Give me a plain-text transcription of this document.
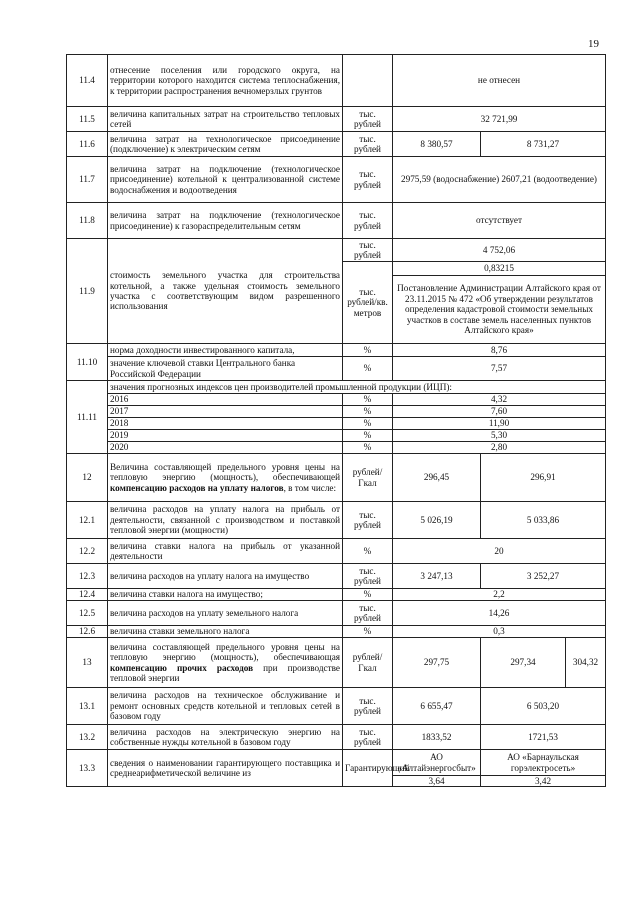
19
11.4	отнесение поселения или городского округа, на территории которого находится система теплоснабжения, к территории распространения вечномерзлых грунтов		не отнесен		
11.5	величина капитальных затрат на строительство тепловых сетей	тыс. рублей	32 721,99		
11.6	величина затрат на технологическое присоединение (подключение) к электрическим сетям	тыс. рублей	8 380,57	8 731,27	
11.7	величина затрат на подключение (технологическое присоединение) котельной к централизованной системе водоснабжения и водоотведения	тыс. рублей	2975,59 (водоснабжение) 2607,21 (водоотведение)		
11.8	величина затрат на подключение (технологическое присоединение) к газораспределительным сетям	тыс. рублей	отсутствует		
11.9	стоимость земельного участка для строительства котельной, а также удельная стоимость земельного участка с соответствующим видом разрешенного использования	тыс. рублей	4 752,06		
		тыс. рублей/кв. метров	0,83215		
			Постановление Администрации Алтайского края от 23.11.2015 № 472 «Об утверждении результатов определения кадастровой стоимости земельных участков в составе земель населенных пунктов Алтайского края»		
11.10	норма доходности инвестированного капитала,	%	8,76		
	значение ключевой ставки Центрального банка Российской Федерации	%	7,57		
11.11	значения прогнозных индексов цен производителей промышленной продукции (ИЦП):				
	2016	%	4,32		
	2017	%	7,60		
	2018	%	11,90		
	2019	%	5,30		
	2020	%	2,80		
12	Величина составляющей предельного уровня цены на тепловую энергию (мощность), обеспечивающей компенсацию расходов на уплату налогов, в том числе:	рублей/Гкал	296,45	296,91	
12.1	величина расходов на уплату налога на прибыль от деятельности, связанной с производством и поставкой тепловой энергии (мощности)	тыс. рублей	5 026,19	5 033,86	
12.2	величина ставки налога на прибыль от указанной деятельности	%	20		
12.3	величина расходов на уплату налога на имущество	тыс. рублей	3 247,13	3 252,27	
12.4	величина ставки налога на имущество;	%	2,2		
12.5	величина расходов на уплату земельного налога	тыс. рублей	14,26		
12.6	величина ставки земельного налога	%	0,3		
13	величина составляющей предельного уровня цены на тепловую энергию (мощность), обеспечивающая компенсацию прочих расходов при производстве тепловой энергии	рублей/Гкал	297,75	297,34	304,32
13.1	величина расходов на техническое обслуживание и ремонт основных средств котельной и тепловых сетей в базовом году	тыс. рублей	6 655,47	6 503,20	
13.2	величина расходов на электрическую энергию на собственные нужды котельной в базовом году	тыс. рублей	1833,52	1721,53	
13.3	сведения о наименовании гарантирующего поставщика и среднеарифметической величине из	Гарантирующий	АО «Алтайэнергосбыт»	АО «Барнаульская горэлектросеть»	
			3,64	3,42	
